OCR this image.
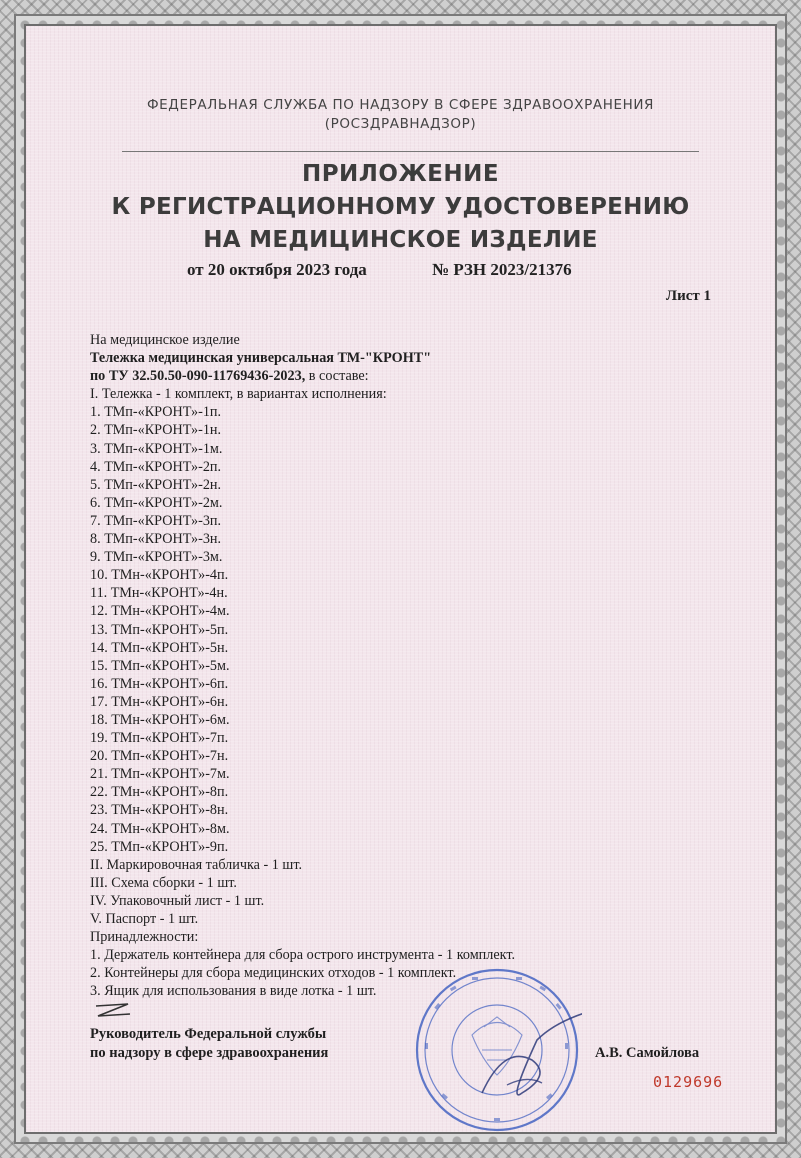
ФЕДЕРАЛЬНАЯ СЛУЖБА ПО НАДЗОРУ В СФЕРЕ ЗДРАВООХРАНЕНИЯ
(РОСЗДРАВНАДЗОР)
ПРИЛОЖЕНИЕ
К РЕГИСТРАЦИОННОМУ УДОСТОВЕРЕНИЮ
НА МЕДИЦИНСКОЕ ИЗДЕЛИЕ
от 20 октября 2023 года	№ РЗН 2023/21376
Лист 1
На медицинское изделие
Тележка медицинская универсальная ТМ-"КРОНТ"
по ТУ 32.50.50-090-11769436-2023, в составе:
I. Тележка - 1 комплект, в вариантах исполнения:
1. ТМп-«КРОНТ»-1п.
2. ТМп-«КРОНТ»-1н.
3. ТМп-«КРОНТ»-1м.
4. ТМп-«КРОНТ»-2п.
5. ТМп-«КРОНТ»-2н.
6. ТМп-«КРОНТ»-2м.
7. ТМп-«КРОНТ»-3п.
8. ТМп-«КРОНТ»-3н.
9. ТМп-«КРОНТ»-3м.
10. ТМн-«КРОНТ»-4п.
11. ТМн-«КРОНТ»-4н.
12. ТМн-«КРОНТ»-4м.
13. ТМп-«КРОНТ»-5п.
14. ТМп-«КРОНТ»-5н.
15. ТМп-«КРОНТ»-5м.
16. ТМн-«КРОНТ»-6п.
17. ТМн-«КРОНТ»-6н.
18. ТМн-«КРОНТ»-6м.
19. ТМп-«КРОНТ»-7п.
20. ТМп-«КРОНТ»-7н.
21. ТМп-«КРОНТ»-7м.
22. ТМн-«КРОНТ»-8п.
23. ТМн-«КРОНТ»-8н.
24. ТМн-«КРОНТ»-8м.
25. ТМп-«КРОНТ»-9п.
II. Маркировочная табличка - 1 шт.
III. Схема сборки - 1 шт.
IV. Упаковочный лист - 1 шт.
V. Паспорт - 1 шт.
Принадлежности:
1. Держатель контейнера для сбора острого инструмента - 1 комплект.
2. Контейнеры для сбора медицинских отходов - 1 комплект.
3. Ящик для использования в виде лотка - 1 шт.
Руководитель Федеральной службы
по надзору в сфере здравоохранения	А.В. Самойлова
0129696
